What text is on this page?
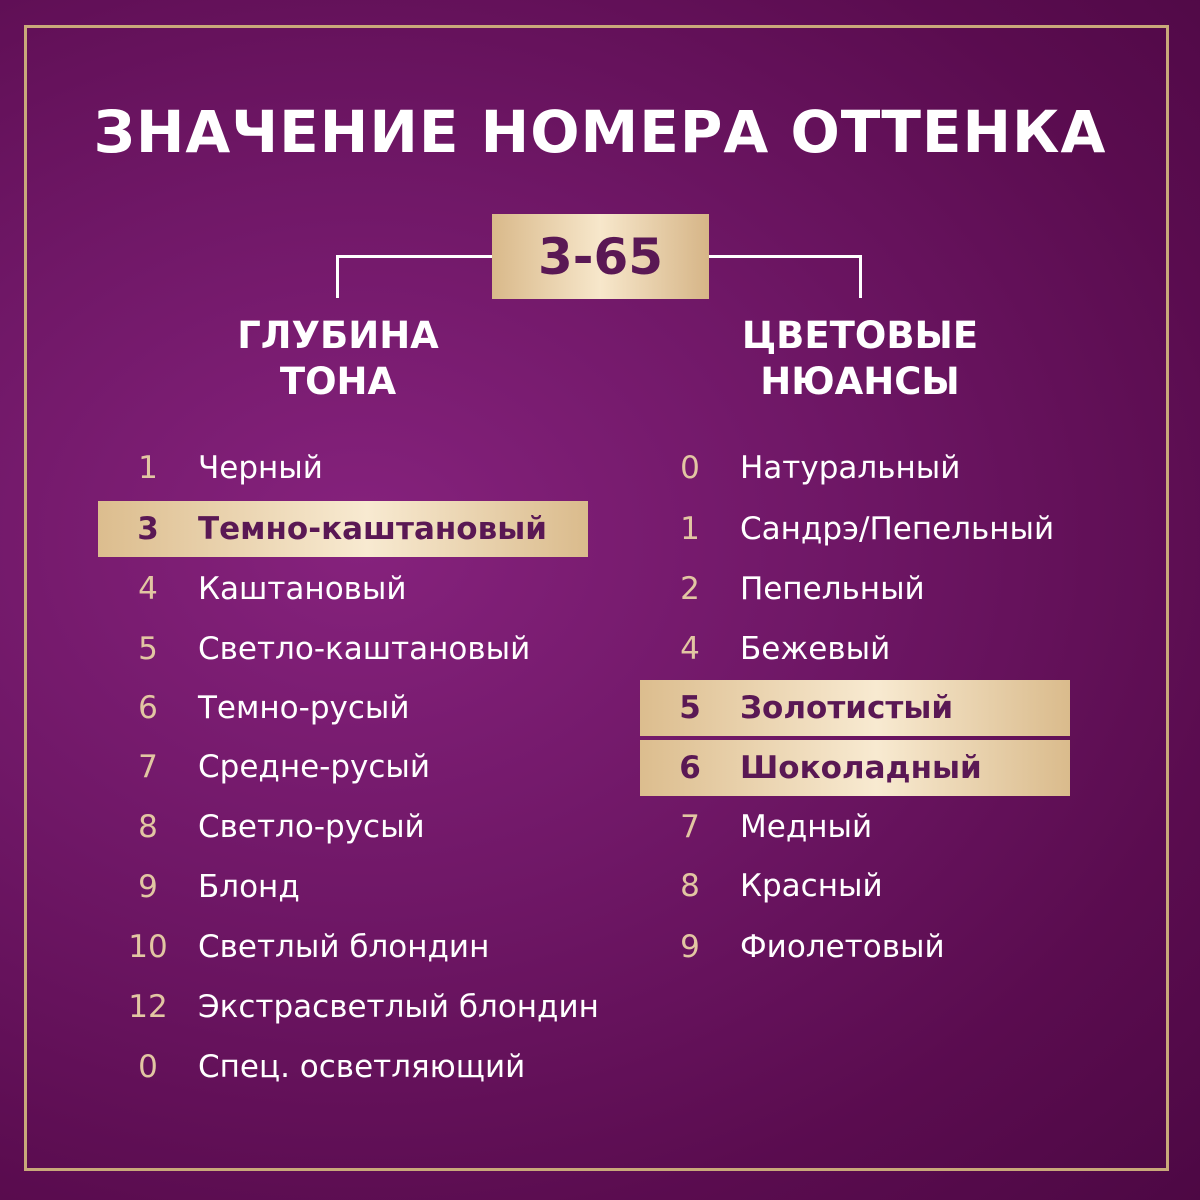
ЗНАЧЕНИЕ НОМЕРА ОТТЕНКА
3-65
ГЛУБИНА
ТОНА
ЦВЕТОВЫЕ
НЮАНСЫ
1	Черный
3	Темно-каштановый
4	Каштановый
5	Светло-каштановый
6	Темно-русый
7	Средне-русый
8	Светло-русый
9	Блонд
10 Светлый блондин
12 Экстрасветлый блондин
0	Спец. осветляющий
0	Натуральный
1	Сандрэ/Пепельный
2	Пепельный
4	Бежевый
5	Золотистый
6	Шоколадный
7	Медный
8	Красный
9	Фиолетовый
